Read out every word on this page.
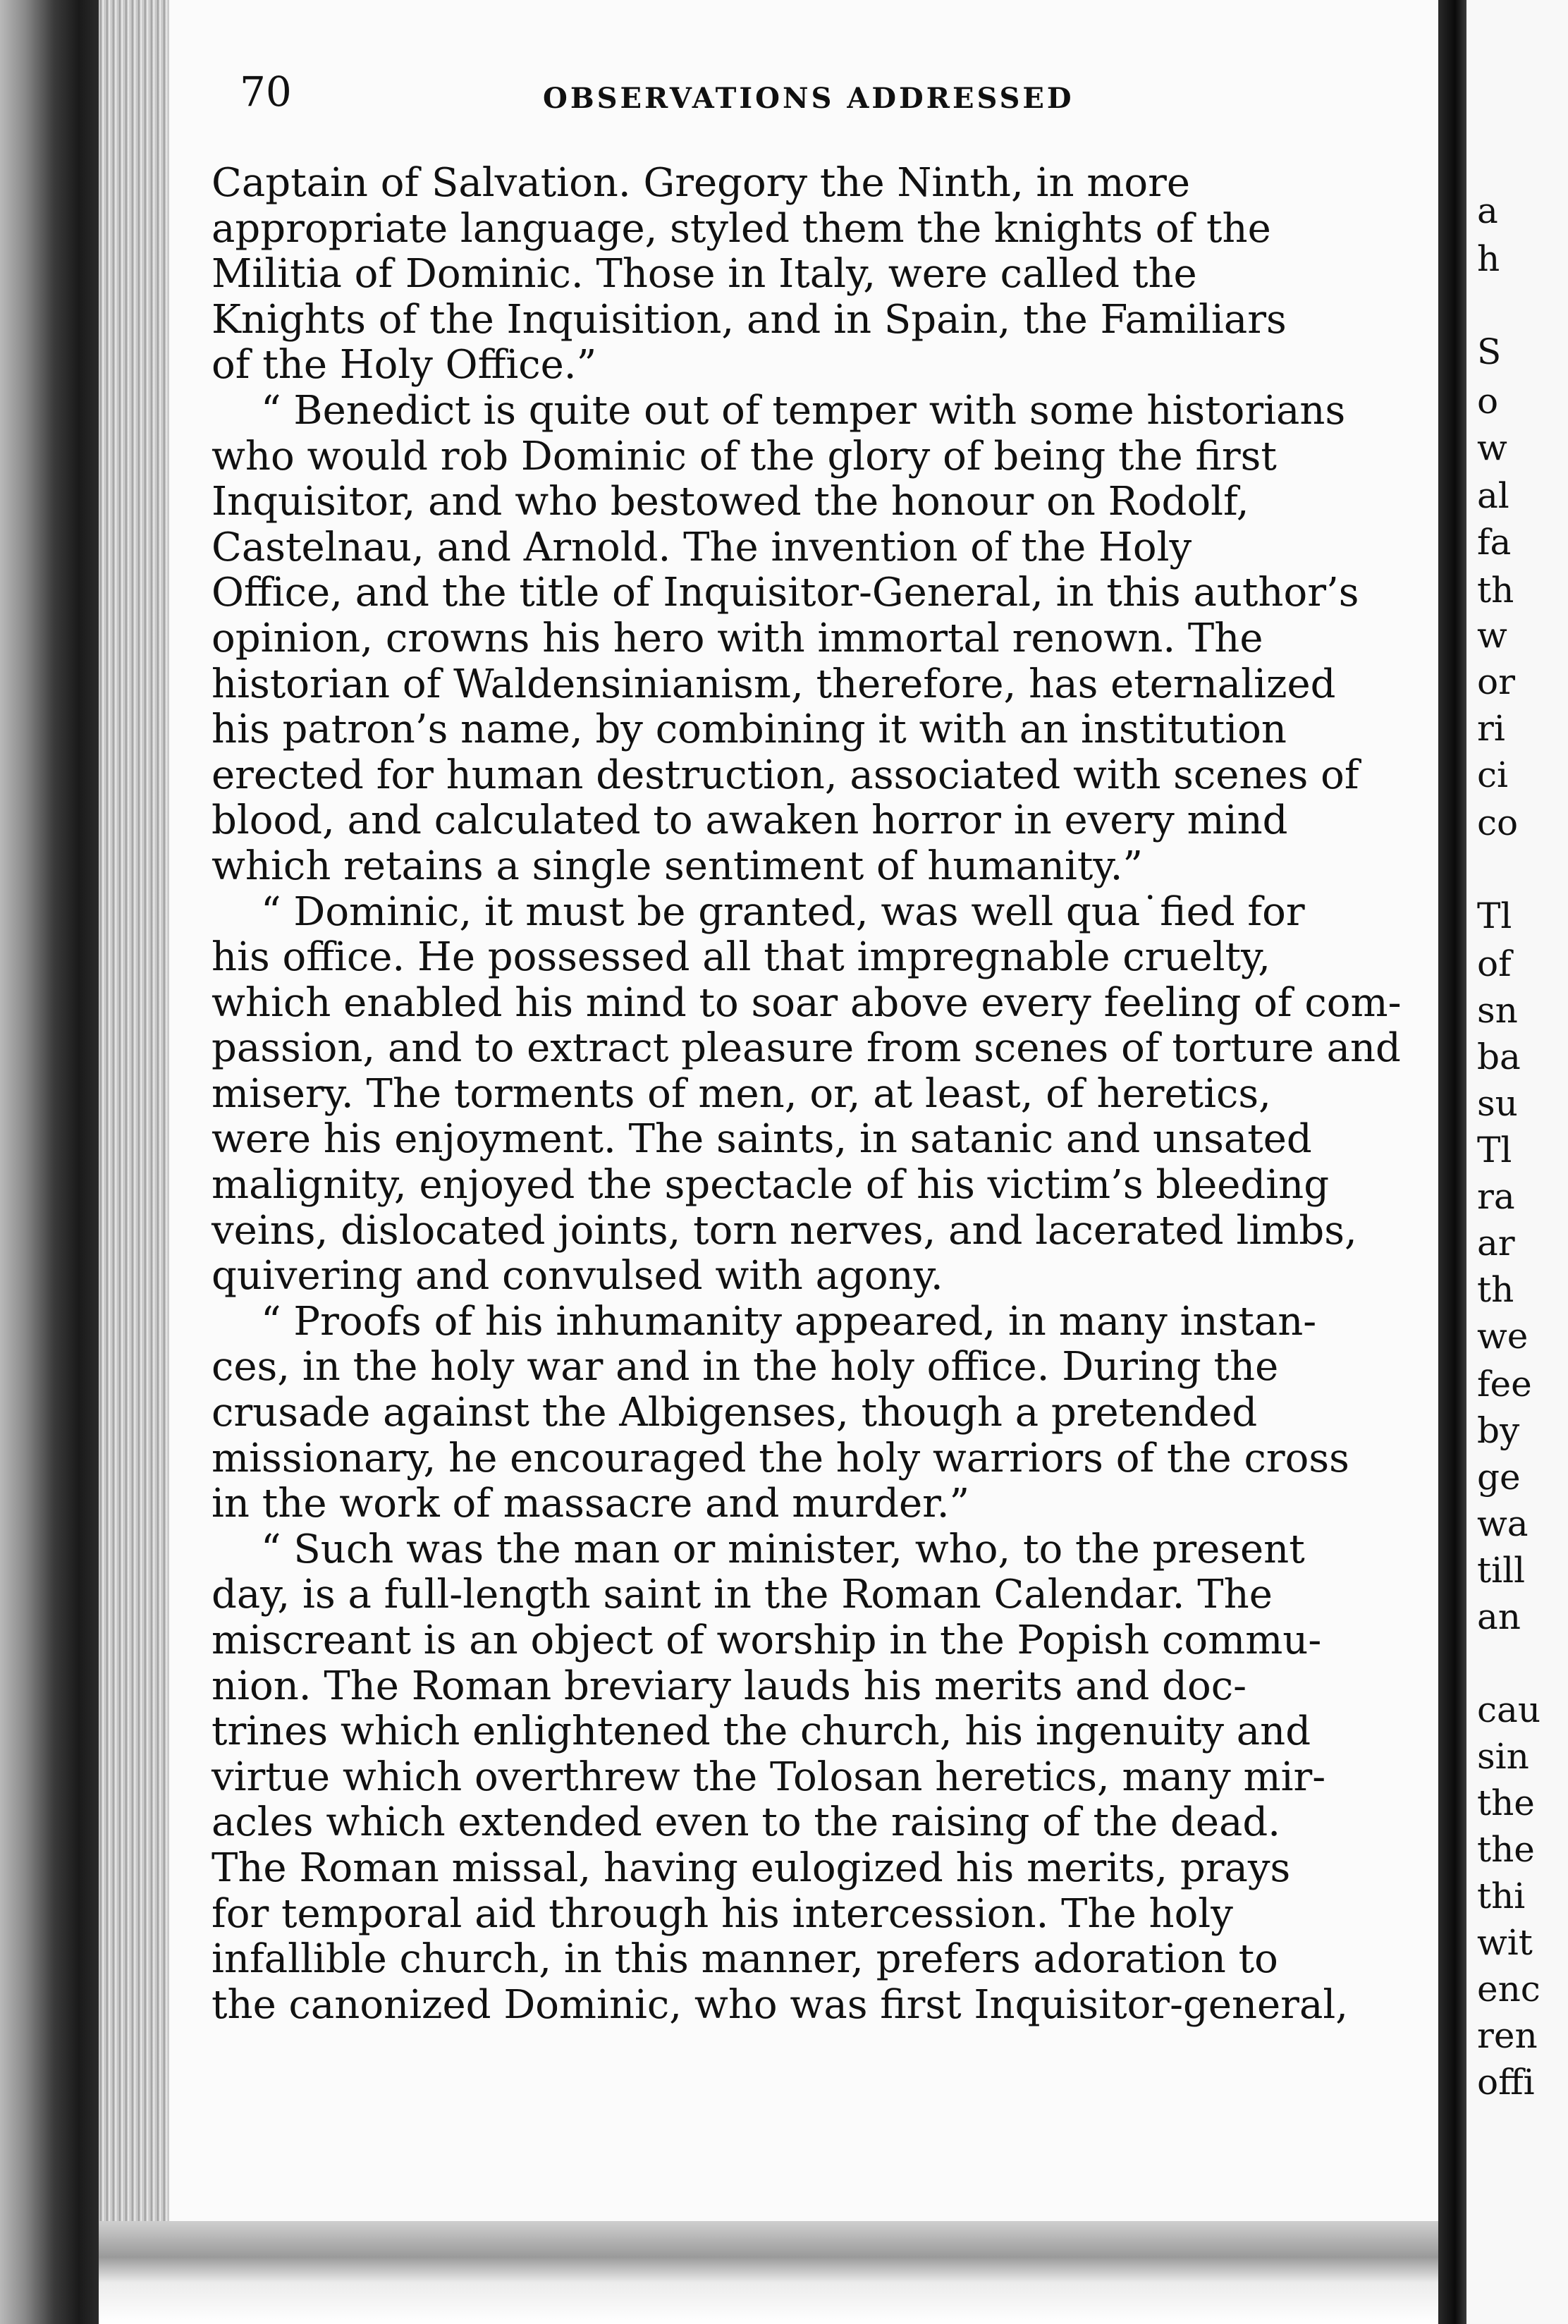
70	OBSERVATIONS ADDRESSED
Captain of Salvation. Gregory the Ninth, in more
appropriate language, styled them the knights of the
Militia of Dominic. Those in Italy, were called the
Knights of the Inquisition, and in Spain, the Familiars
of the Holy Office.”
“ Benedict is quite out of temper with some historians
who would rob Dominic of the glory of being the first
Inquisitor, and who bestowed the honour on Rodolf,
Castelnau, and Arnold. The invention of the Holy
Office, and the title of Inquisitor-General, in this author’s
opinion, crowns his hero with immortal renown. The
historian of Waldensinianism, therefore, has eternalized
his patron’s name, by combining it with an institution
erected for human destruction, associated with scenes of
blood, and calculated to awaken horror in every mind
which retains a single sentiment of humanity.”
“ Dominic, it must be granted, was well qua˙fied for
his office. He possessed all that impregnable cruelty,
which enabled his mind to soar above every feeling of com-
passion, and to extract pleasure from scenes of torture and
misery. The torments of men, or, at least, of heretics,
were his enjoyment. The saints, in satanic and unsated
malignity, enjoyed the spectacle of his victim’s bleeding
veins, dislocated joints, torn nerves, and lacerated limbs,
quivering and convulsed with agony.
“ Proofs of his inhumanity appeared, in many instan-
ces, in the holy war and in the holy office. During the
crusade against the Albigenses, though a pretended
missionary, he encouraged the holy warriors of the cross
in the work of massacre and murder.”
“ Such was the man or minister, who, to the present
day, is a full-length saint in the Roman Calendar. The
miscreant is an object of worship in the Popish commu-
nion. The Roman breviary lauds his merits and doc-
trines which enlightened the church, his ingenuity and
virtue which overthrew the Tolosan heretics, many mir-
acles which extended even to the raising of the dead.
The Roman missal, having eulogized his merits, prays
for temporal aid through his intercession. The holy
infallible church, in this manner, prefers adoration to
the canonized Dominic, who was first Inquisitor-general,
a
h
S
o
w
al
fa
th
w
or
ri
ci
co
Tl
of
sn
ba
su
Tl
ra
ar
th
we
fee
by
ge
wa
till
an
cau
sin
the
the
thi
wit
enc
ren
offi
